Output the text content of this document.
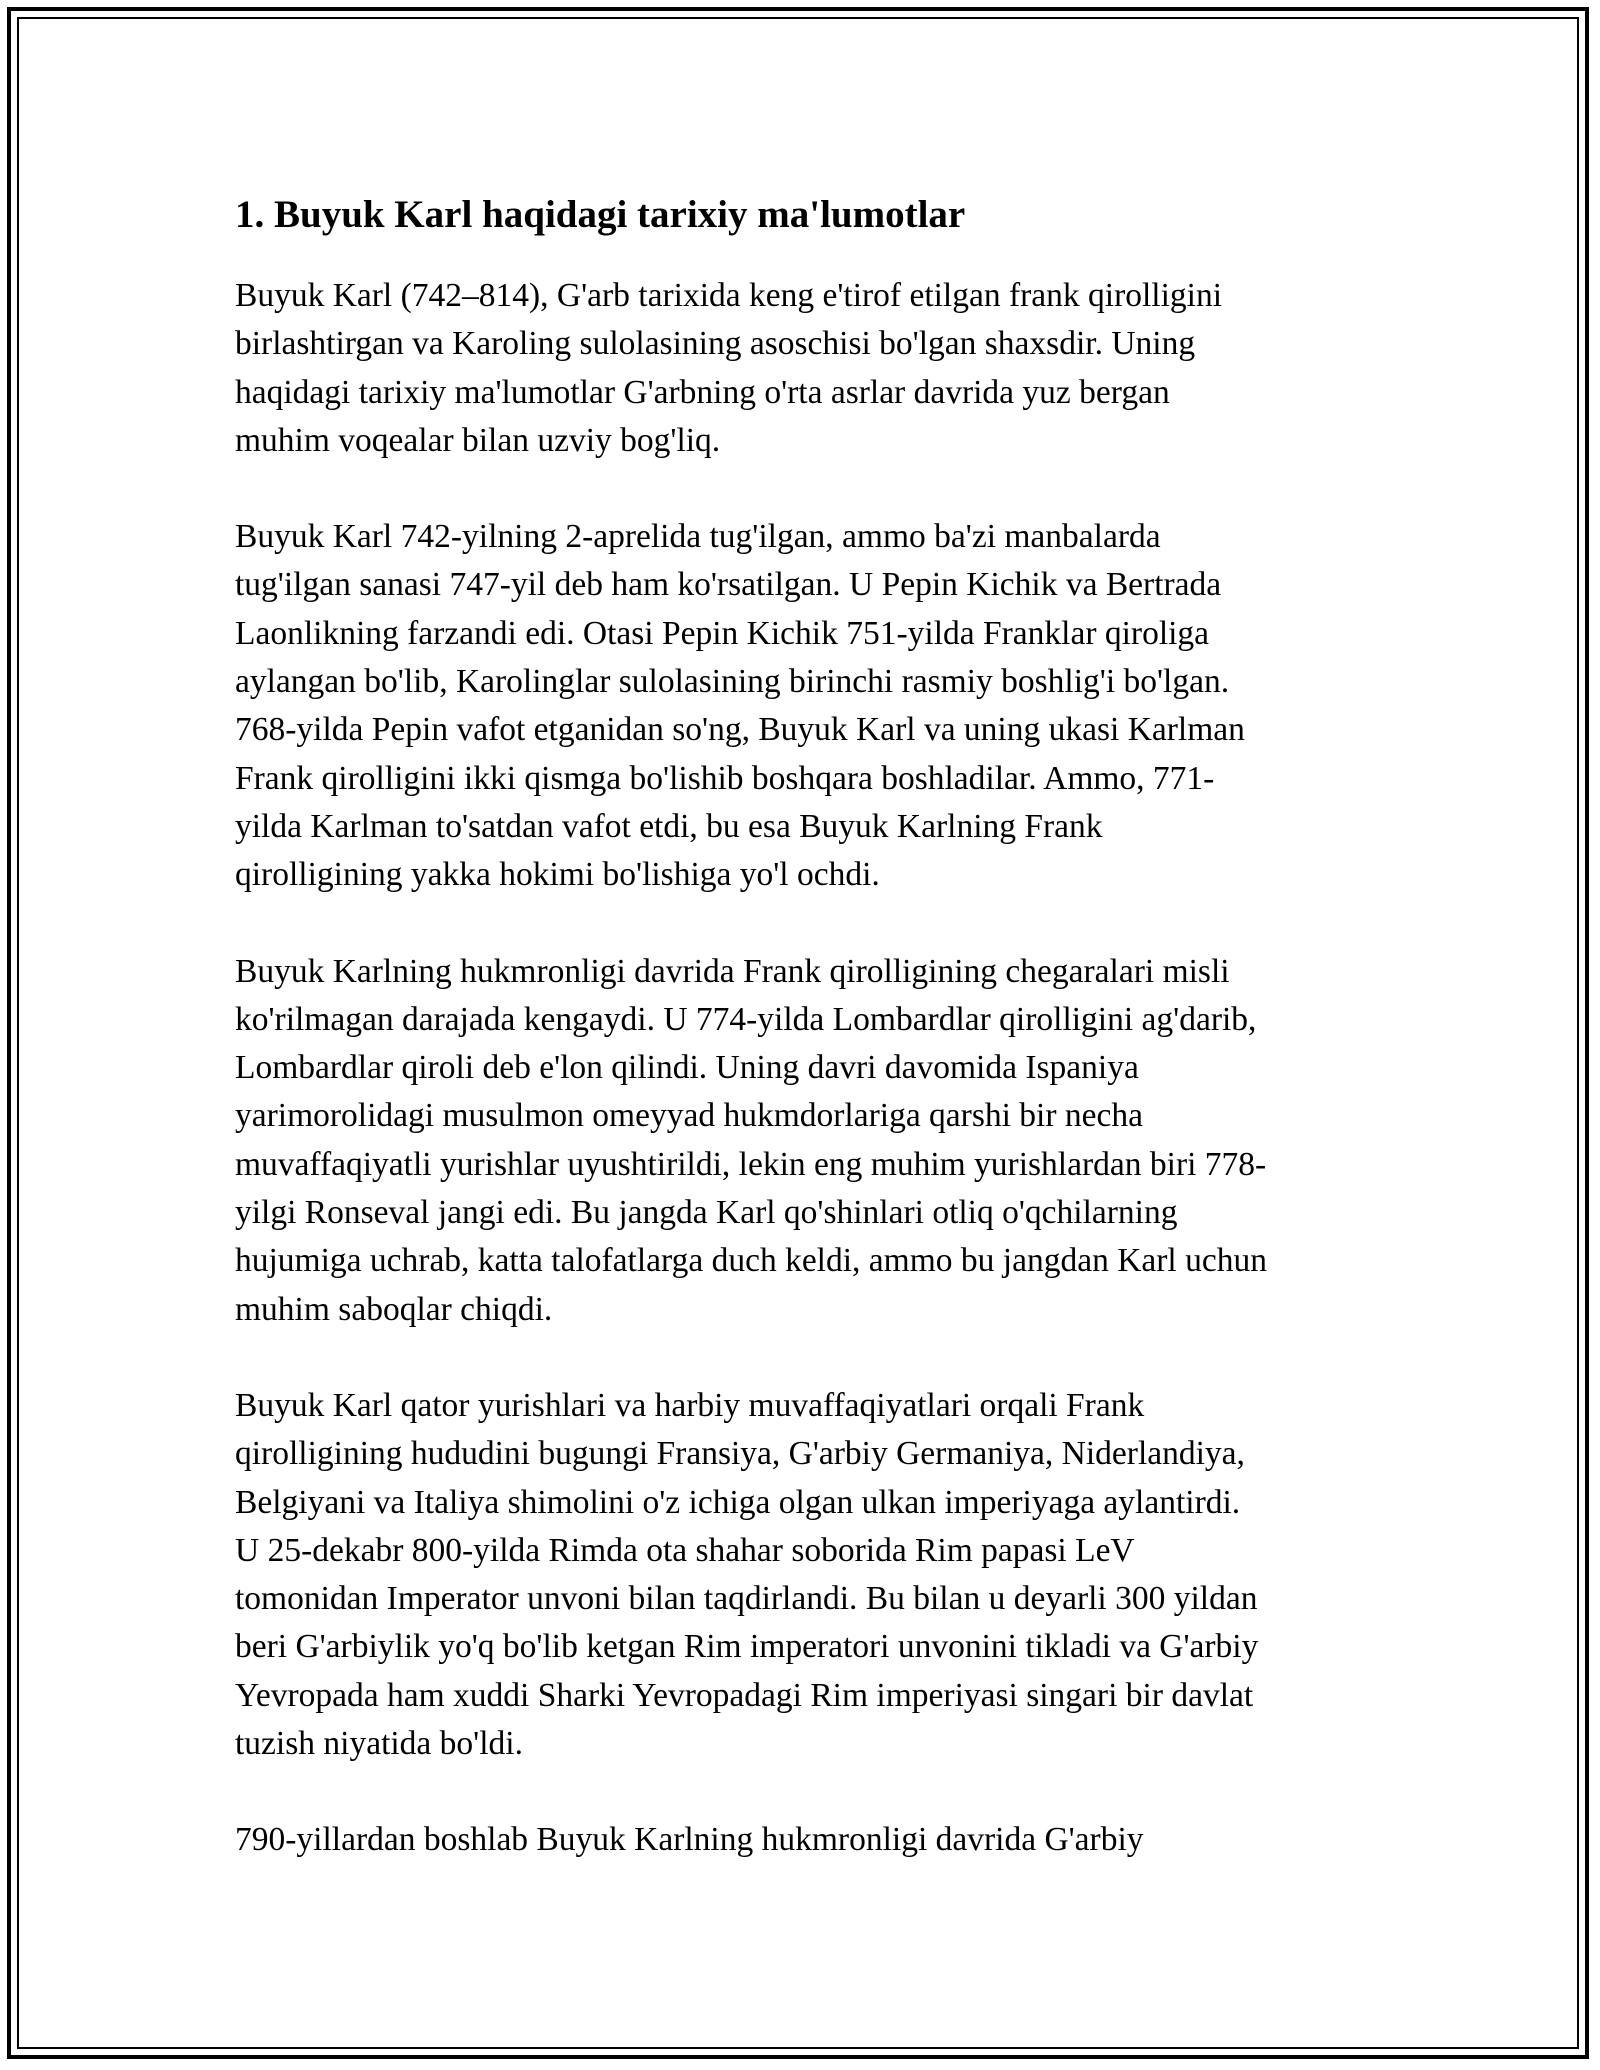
1. Buyuk Karl haqidagi tarixiy ma'lumotlar

Buyuk Karl (742–814), G'arb tarixida keng e'tirof etilgan frank qirolligini
birlashtirgan va Karoling sulolasining asoschisi bo'lgan shaxsdir. Uning
haqidagi tarixiy ma'lumotlar G'arbning o'rta asrlar davrida yuz bergan
muhim voqealar bilan uzviy bog'liq.

Buyuk Karl 742-yilning 2-aprelida tug'ilgan, ammo ba'zi manbalarda
tug'ilgan sanasi 747-yil deb ham ko'rsatilgan. U Pepin Kichik va Bertrada
Laonlikning farzandi edi. Otasi Pepin Kichik 751-yilda Franklar qiroliga
aylangan bo'lib, Karolinglar sulolasining birinchi rasmiy boshlig'i bo'lgan.
768-yilda Pepin vafot etganidan so'ng, Buyuk Karl va uning ukasi Karlman
Frank qirolligini ikki qismga bo'lishib boshqara boshladilar. Ammo, 771-
yilda Karlman to'satdan vafot etdi, bu esa Buyuk Karlning Frank
qirolligining yakka hokimi bo'lishiga yo'l ochdi.

Buyuk Karlning hukmronligi davrida Frank qirolligining chegaralari misli
ko'rilmagan darajada kengaydi. U 774-yilda Lombardlar qirolligini ag'darib,
Lombardlar qiroli deb e'lon qilindi. Uning davri davomida Ispaniya
yarimorolidagi musulmon omeyyad hukmdorlariga qarshi bir necha
muvaffaqiyatli yurishlar uyushtirildi, lekin eng muhim yurishlardan biri 778-
yilgi Ronseval jangi edi. Bu jangda Karl qo'shinlari otliq o'qchilarning
hujumiga uchrab, katta talofatlarga duch keldi, ammo bu jangdan Karl uchun
muhim saboqlar chiqdi.

Buyuk Karl qator yurishlari va harbiy muvaffaqiyatlari orqali Frank
qirolligining hududini bugungi Fransiya, G'arbiy Germaniya, Niderlandiya,
Belgiyani va Italiya shimolini o'z ichiga olgan ulkan imperiyaga aylantirdi.
U 25-dekabr 800-yilda Rimda ota shahar soborida Rim papasi LeV
tomonidan Imperator unvoni bilan taqdirlandi. Bu bilan u deyarli 300 yildan
beri G'arbiylik yo'q bo'lib ketgan Rim imperatori unvonini tikladi va G'arbiy
Yevropada ham xuddi Sharki Yevropadagi Rim imperiyasi singari bir davlat
tuzish niyatida bo'ldi.

790-yillardan boshlab Buyuk Karlning hukmronligi davrida G'arbiy
